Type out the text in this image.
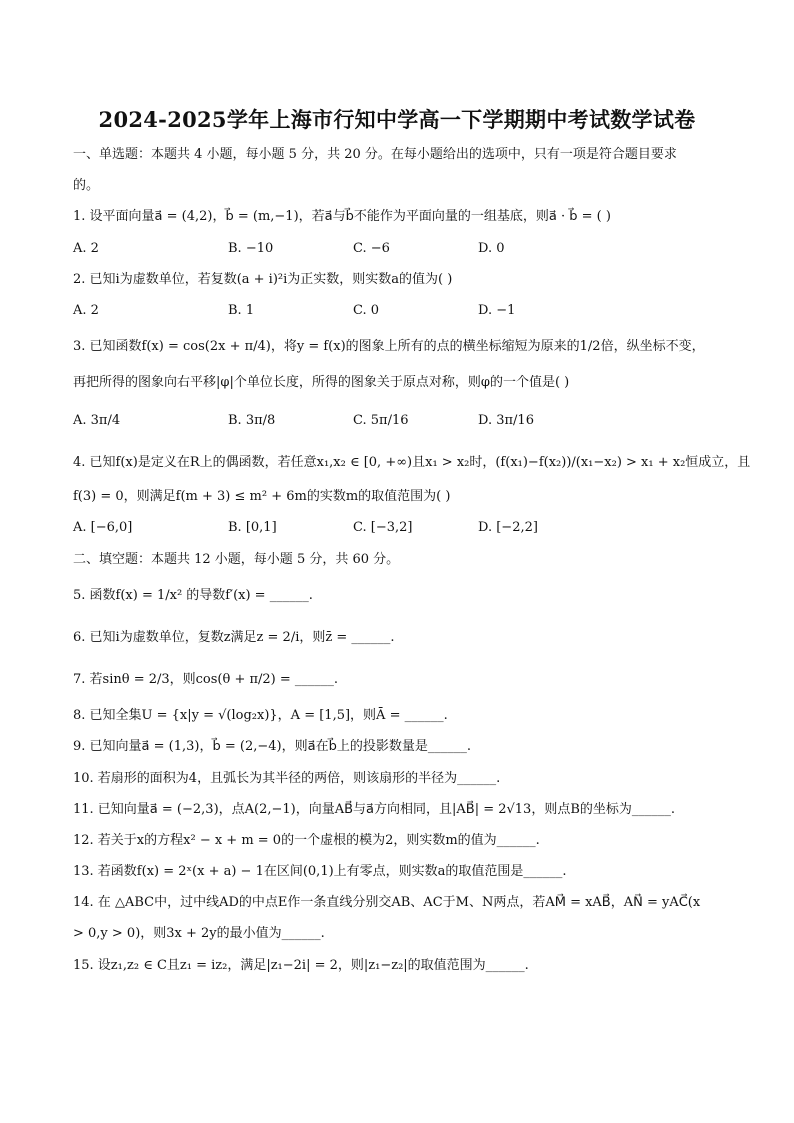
2024-2025学年上海市行知中学高一下学期期中考试数学试卷
一、单选题：本题共 4 小题，每小题 5 分，共 20 分。在每小题给出的选项中，只有一项是符合题目要求
的。
1. 设平面向量a⃗ = (4,2)，b⃗ = (m,−1)，若a⃗与b⃗不能作为平面向量的一组基底，则a⃗ · b⃗ = ( )
A. 2	B. −10	C. −6	D. 0
2. 已知i为虚数单位，若复数(a + i)²i为正实数，则实数a的值为( )
A. 2	B. 1	C. 0	D. −1
3. 已知函数f(x) = cos(2x + π/4)，将y = f(x)的图象上所有的点的横坐标缩短为原来的1/2倍，纵坐标不变，
再把所得的图象向右平移|φ|个单位长度，所得的图象关于原点对称，则φ的一个值是( )
A. 3π/4	B. 3π/8	C. 5π/16	D. 3π/16
4. 已知f(x)是定义在R上的偶函数，若任意x₁,x₂ ∈ [0, +∞)且x₁ > x₂时，(f(x₁)−f(x₂))/(x₁−x₂) > x₁ + x₂恒成立，且
f(3) = 0，则满足f(m + 3) ≤ m² + 6m的实数m的取值范围为( )
A. [−6,0]	B. [0,1]	C. [−3,2]	D. [−2,2]
二、填空题：本题共 12 小题，每小题 5 分，共 60 分。
5. 函数f(x) = 1/x² 的导数f′(x) = ______.
6. 已知i为虚数单位，复数z满足z = 2/i，则z̄ = ______.
7. 若sinθ = 2/3，则cos(θ + π/2) = ______.
8. 已知全集U = {x|y = √(log₂x)}，A = [1,5]，则Ā = ______.
9. 已知向量a⃗ = (1,3)，b⃗ = (2,−4)，则a⃗在b⃗上的投影数量是______.
10. 若扇形的面积为4，且弧长为其半径的两倍，则该扇形的半径为______.
11. 已知向量a⃗ = (−2,3)，点A(2,−1)，向量AB⃗与a⃗方向相同，且|AB⃗| = 2√13，则点B的坐标为______.
12. 若关于x的方程x² − x + m = 0的一个虚根的模为2，则实数m的值为______.
13. 若函数f(x) = 2ˣ(x + a) − 1在区间(0,1)上有零点，则实数a的取值范围是______.
14. 在 △ABC中，过中线AD的中点E作一条直线分别交AB、AC于M、N两点，若AM⃗ = xAB⃗，AN⃗ = yAC⃗(x
> 0,y > 0)，则3x + 2y的最小值为______.
15. 设z₁,z₂ ∈ C且z₁ = iz₂，满足|z₁−2i| = 2，则|z₁−z₂|的取值范围为______.
